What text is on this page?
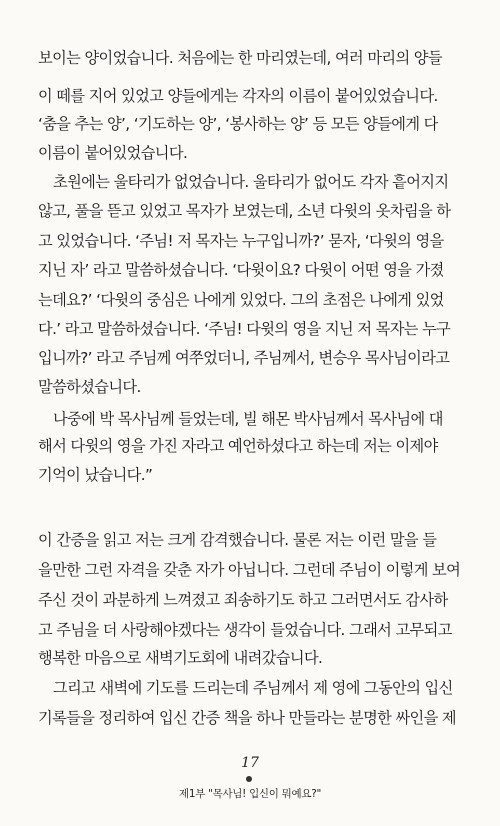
보이는 양이었습니다. 처음에는 한 마리였는데, 여러 마리의 양들
이 떼를 지어 있었고 양들에게는 각자의 이름이 붙어있었습니다.
‘춤을 추는 양’, ‘기도하는 양’, ‘봉사하는 양’ 등 모든 양들에게 다
이름이 붙어있었습니다.
초원에는 울타리가 없었습니다. 울타리가 없어도 각자 흩어지지
않고, 풀을 뜯고 있었고 목자가 보였는데, 소년 다윗의 옷차림을 하
고 있었습니다. ‘주님! 저 목자는 누구입니까?’ 묻자, ‘다윗의 영을
지닌 자’ 라고 말씀하셨습니다. ‘다윗이요? 다윗이 어떤 영을 가졌
는데요?’ ‘다윗의 중심은 나에게 있었다. 그의 초점은 나에게 있었
다.’ 라고 말씀하셨습니다. ‘주님! 다윗의 영을 지닌 저 목자는 누구
입니까?’ 라고 주님께 여쭈었더니, 주님께서, 변승우 목사님이라고
말씀하셨습니다.
나중에 박 목사님께 들었는데, 빌 해몬 박사님께서 목사님에 대
해서 다윗의 영을 가진 자라고 예언하셨다고 하는데 저는 이제야
기억이 났습니다.”
이 간증을 읽고 저는 크게 감격했습니다. 물론 저는 이런 말을 들
을만한 그런 자격을 갖춘 자가 아닙니다. 그런데 주님이 이렇게 보여
주신 것이 과분하게 느껴졌고 죄송하기도 하고 그러면서도 감사하
고 주님을 더 사랑해야겠다는 생각이 들었습니다. 그래서 고무되고
행복한 마음으로 새벽기도회에 내려갔습니다.
그리고 새벽에 기도를 드리는데 주님께서 제 영에 그동안의 입신
기록들을 정리하여 입신 간증 책을 하나 만들라는 분명한 싸인을 제
17
제1부 "목사님! 입신이 뭐예요?"
